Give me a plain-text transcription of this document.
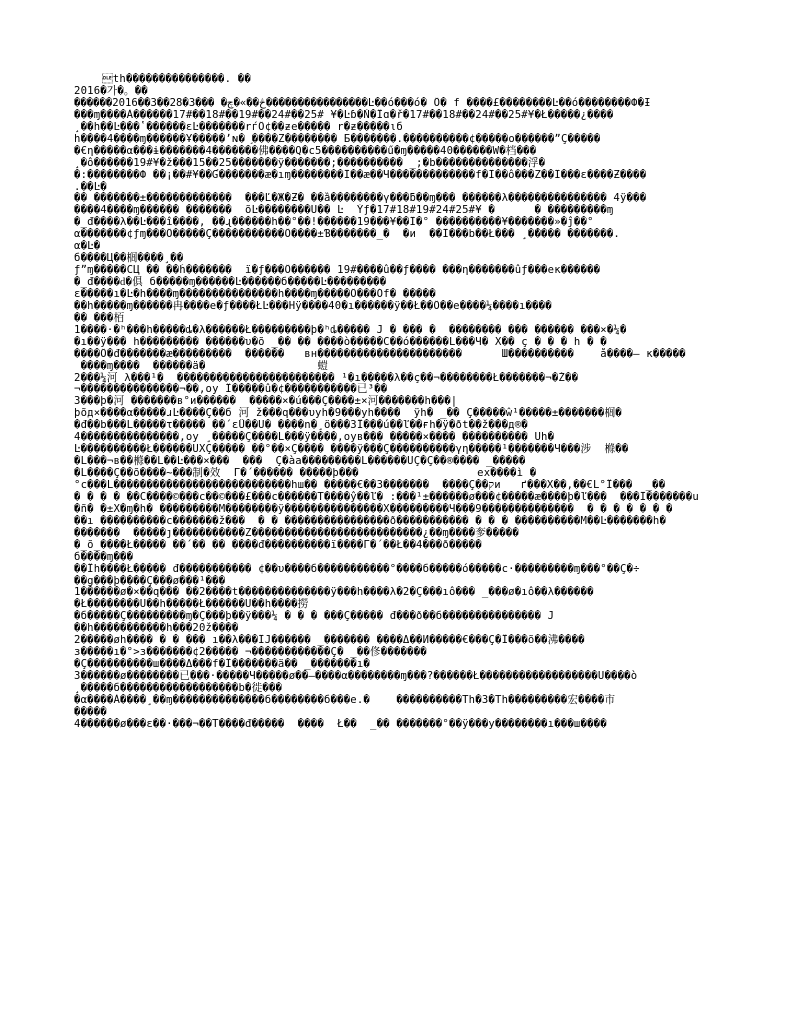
th���������������. ��
2016�가�。��
������2016��3��28�څ��»�چ� ���3����������������Ŀ��ó���ó� Ӧ� f ����£��������Ŀ��ó��������Ф�Ɨ
���ɱ����À������17#��18#��19#��24#��25# ¥�Ŀɓ�Ň�Îɑ�ř�17#��18#��24#��25#¥�Ł�����¿����
¸��h��Ŀ���ʽ������εĿ�������rѓÖ¢��ƶе����� r�ƶ�����ιб
h����4����ɱ������Ұ�����ʼɴ� ֣����Z�������� Ƃ�������.����������¢�����o������ˮÇ�����
�€η�����α���ɨ�������4�������佛����Q�c5����������ű�ɱ�����40������W�档���
¸�ô������19#¥�ž���15��25�������ÿ�������;���������� _;�b��������������浮�
�:��������Ф ��¡��#¥��Ɠ�������æ�ıɱ��������Ï��æ��Ч�������������f�Ï��ô���Ζ��Ï���ε����Ƶ����
.��Ŀ�
�� �������±�������������  ���Ľ�Ж�Ƶ� ��ȁ��������ү���ƃ��ɱ��� ������λ��������������� 4ÿ���
����4����ɱ������ �������  õĿ��������U�� Ŀ  Ýƒ�17#18#19#24#25#¥ �      � ���������ɱ
�_đ����λ��Ŀ���î����, ��ɻ������h��°��!������19���¥��Ï�° ����������¥�������»�ĵ��°
α�������¢ƒɱ���Ö�����Ç�����������Ö����±Ɓ�������_�  �и  ��Ï���b��Ł��� ¸�́���� �������.
α�Ŀ�
б����Ц��榈����¸��
ƒˮɱ�����CЦ �� ��ȟ�������  ї�ƒ���Ö������ 19#����û��ƒ���� ���η�������ûƒ���еκ������
�_đ����ԁ�俱 б�����ɱ������Ŀ������б�����Ŀ���������
ε�����ı�Ŀ�h����ɱ���������������h����ɱ�����Ö���Óf� �����
��h�����ɱ������冉����e�ƒ����ŁĿ���Hÿ����40�ı������ÿ��Ł��Ö��е����¼����ı����
�� ���栢
1����·�ʰ���h�����ȡ�λ������Ł���������þ�ʰȡ����� J � ��� �  �������� ��� ������ ���×�¼�
�ı��ÿ��� h��������� ������υ�õ _�� �� ����ò�����C��ó������L���Ч� Х�� ç � � � h � �
����Ö�đ�������æ���������  ������   вн����������������������      Ш����������    å����– κ�����
����ɱ����  ������ä�                 螘
2���¼河 λ���¹�  ������������������������ ¹�ı�����λ��ç��¬��������Ł�������¬�Ž��
¬���������������¬��,oy Î�����û�¢�����������已³��
3���þ�河 �������в°и������  �����×�ú���Ç����±×河�������h���|
þõд×����α�����ɹĿ����Ç��б 河 ž���q���υyh�9���yh����  ÿh� _�� Ç�����ŵ¹�����±�������榈�
�đ��b���L�����τ����� ��´εǗ��U� ����n�¸ö���3Î���ú��ľ��ғh�ÿ�ðt��ž���д®�
4���������������,oy ¸�����Ç����L���ÿ����,oyв��� �����×���� ���������� Uh�
Ŀ����������Ł������UXÇ����� ��°��×Ç���� ����ÿ���Ç����������γη�����¹�������Ч���涉  樤��
�L���¬в��樤��L��Ŀ���×���  ���  Ç�àa���������L������UÇ�Ç��®���� _�����
�L����Ç��õ����~���制�效  Γ�´������ �����þ���                  ех����ì �
°с���L���������������������������hш�� �����€��3�������  ����Ç��קи   ґ���X��,��€L°Î���  _��
� � � � ��С����©���с��©���£���с������Т����ŷ��ľ� :���¹±������ø���¢�����æ����þ�ľ���  ���Ï�������u
�ñ� �±Х�ɱ�h� ���������M��������ÿ���������������Х���������Ч���9��������������  � � � � � � �
��ı ����������с�������ž���  � � ����������������ð����������� � � � ����������M��Ŀ�������h�
�������  �����ȷ�����������Z��������������������������¿��ɱ����奓�����
�_õ_����Ł����� ��´�� �� ����đ����������ї����Γ�´��Ł��4���ð�����
б����ɱ���
��Îh����Ł����� đ����������� ¢��υ����б�����������°����б�����ó�����с·���������ɱ���°��Ç�÷
��g���þ����Ç���ø���¹���
1������ø�×��q��� ��2����t��������������ÿ���h����λ�2�Ç���ıô��� _���ø�ıô��λ������
�Ł��������U��h�����Ł������U��h����撈
�б�����Ç���������ɱ�Ç���þ��ÿ���¼ � � � ���Ç����� đ���ð��б��������������� J
��h�����������h���20ž����
2�����øh���� � � ��� ı��λ���ÏJ������ _������� ����Δ��И�����€���Ç�Î���õ��沸����
з�����ı�°>з�������¢2����� ¬������������Ç� _��俢�������
�Ç����������ш����Δ���f�Î�������ä�� _�������ı�
3������ø��������已���·�����Ч�����ø��—����α��������ɱ���?������Ł������������������U����ò
¸�����б������������������b�徙���
�α����À����¸��ɱ��������������б��������б���е.�    ����������Th�3�Th���������宏����市
�����
4������ø���ε��·���¬��T����đ�����  ����  Ł��  _�� �������°��ÿ���y��������ı���ш����
